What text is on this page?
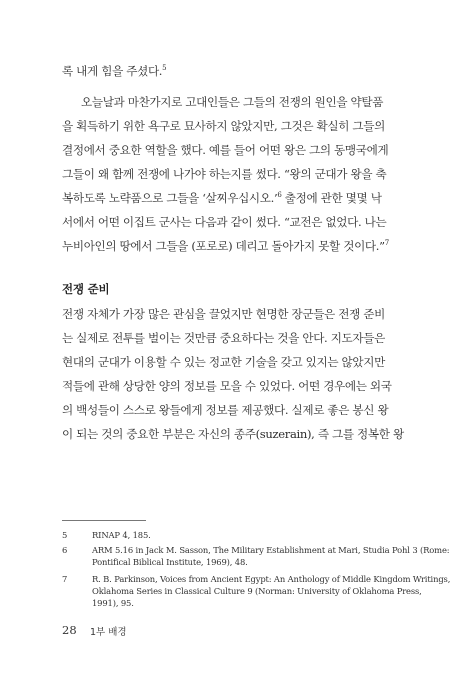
록 내게 힘을 주셨다.$^5$
오늘날과 마찬가지로 고대인들은 그들의 전쟁의 원인을 약탈품
을 획득하기 위한 욕구로 묘사하지 않았지만, 그것은 확실히 그들의
결정에서 중요한 역할을 했다. 예를 들어 어떤 왕은 그의 동맹국에게
그들이 왜 함께 전쟁에 나가야 하는지를 썼다. “왕의 군대가 왕을 축
복하도록 노략품으로 그들을 ‘살찌우십시오.’$^6$ 출정에 관한 몇몇 낙
서에서 어떤 이집트 군사는 다음과 같이 썼다. “교전은 없었다. 나는
누비아인의 땅에서 그들을 (포로로) 데리고 돌아가지 못할 것이다.”$^7$
전쟁 준비
전쟁 자체가 가장 많은 관심을 끌었지만 현명한 장군들은 전쟁 준비
는 실제로 전투를 벌이는 것만큼 중요하다는 것을 안다. 지도자들은
현대의 군대가 이용할 수 있는 정교한 기술을 갖고 있지는 않았지만
적들에 관해 상당한 양의 정보를 모을 수 있었다. 어떤 경우에는 외국
의 백성들이 스스로 왕들에게 정보를 제공했다. 실제로 좋은 봉신 왕
이 되는 것의 중요한 부분은 자신의 종주(suzerain), 즉 그를 정복한 왕
5	RINAP 4, 185.
6	ARM 5.16 in Jack M. Sasson, The Military Establishment at Mari, Studia Pohl 3 (Rome:
Pontifical Biblical Institute, 1969), 48.
7	R. B. Parkinson, Voices from Ancient Egypt: An Anthology of Middle Kingdom Writings,
Oklahoma Series in Classical Culture 9 (Norman: University of Oklahoma Press,
1991), 95.
28 1부 배경
